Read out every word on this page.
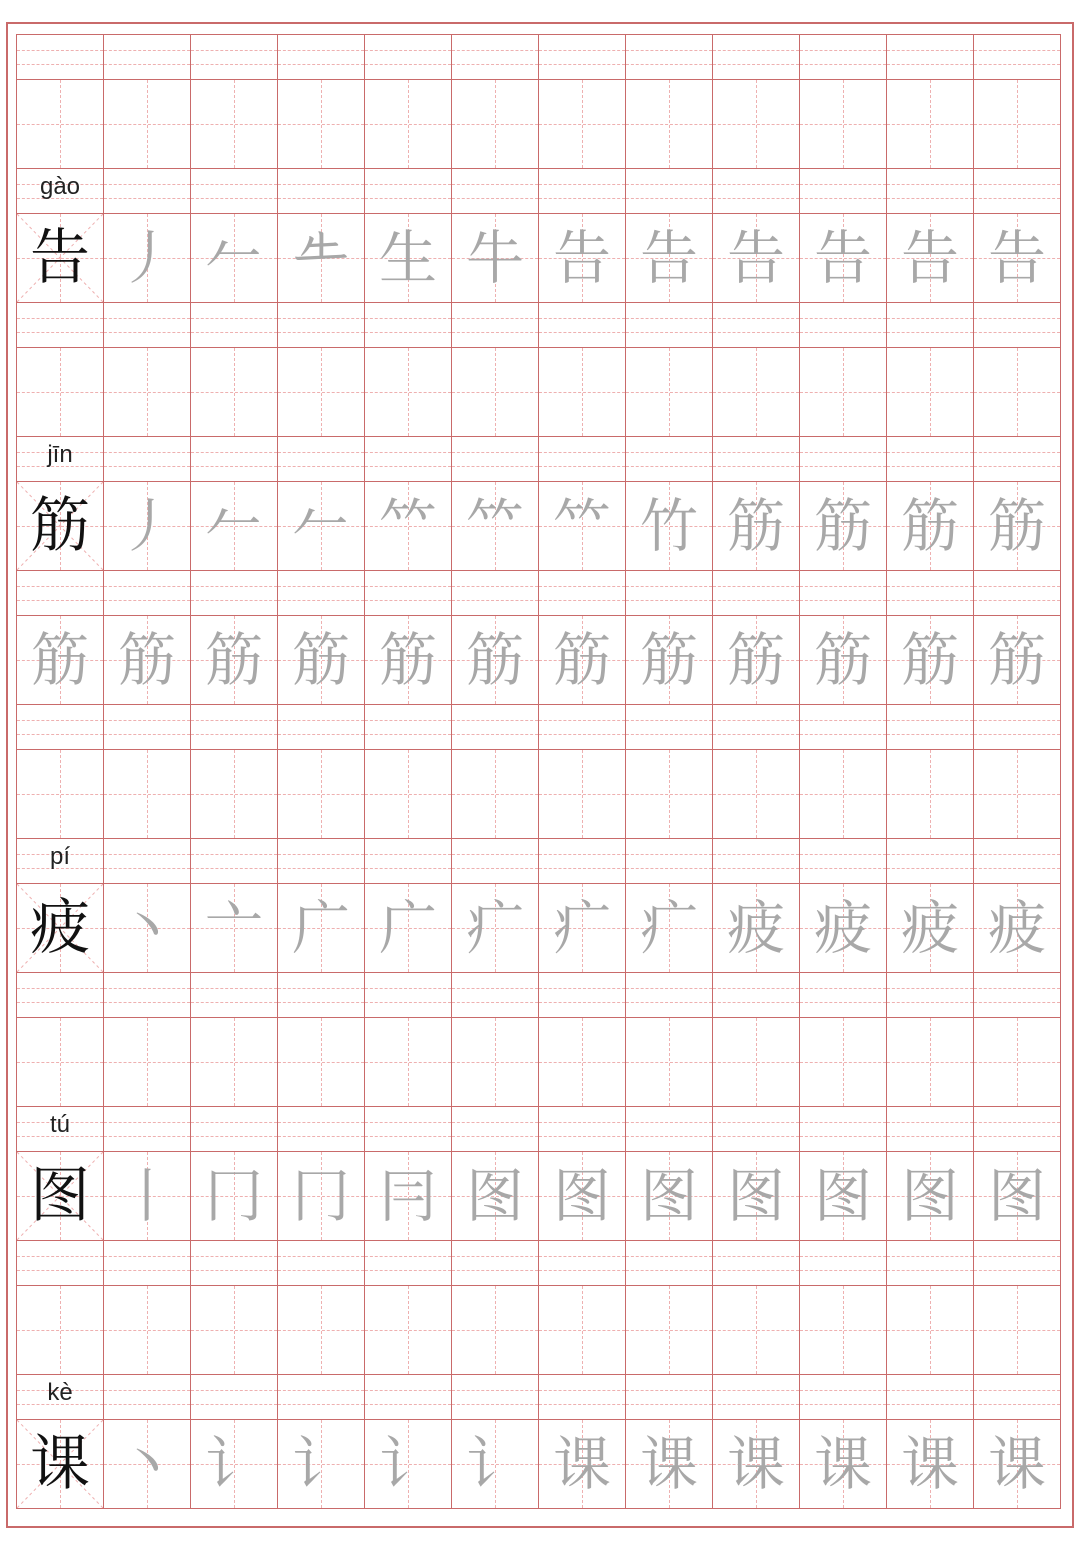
gào
告 丿 𠂉 𠂒 生 牛 告 告 告 告 告 告
jīn
筋 丿 𠂉 𠂉 𥫗 𥫗 𥫗 竹 筋 筋 筋 筋
筋 筋 筋 筋 筋 筋 筋 筋 筋 筋 筋 筋
pí
疲 丶 亠 广 广 疒 疒 疒 疲 疲 疲 疲
tú
图 丨 冂 冂 冃 图 图 图 图 图 图 图
kè
课 丶 讠 讠 讠 讠 课 课 课 课 课 课
